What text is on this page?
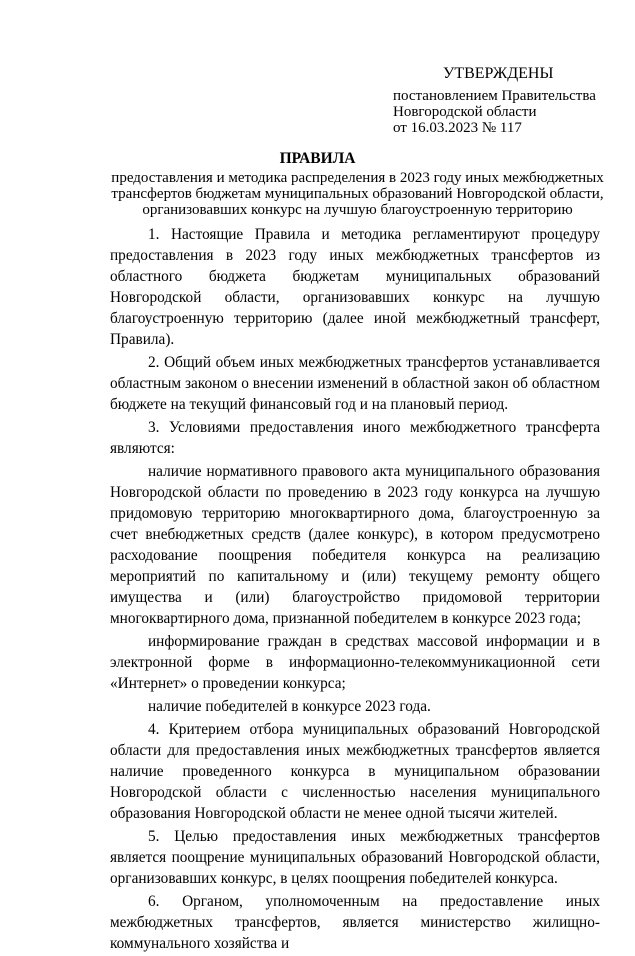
УТВЕРЖДЕНЫ
постановлением Правительства
Новгородской области
от 16.03.2023 № 117
ПРАВИЛА
предоставления и методика распределения в 2023 году иных межбюджетных
трансфертов бюджетам муниципальных образований Новгородской области,
организовавших конкурс на лучшую благоустроенную территорию

1. Настоящие Правила и методика регламентируют процедуру предоставления в 2023 году иных межбюджетных трансфертов из областного бюджета бюджетам муниципальных образований Новгородской области, организовавших конкурс на лучшую благоустроенную территорию (далее иной межбюджетный трансферт, Правила).

2. Общий объем иных межбюджетных трансфертов устанавливается областным законом о внесении изменений в областной закон об областном бюджете на текущий финансовый год и на плановый период.

3. Условиями предоставления иного межбюджетного трансферта являются:

наличие нормативного правового акта муниципального образования Новгородской области по проведению в 2023 году конкурса на лучшую придомовую территорию многоквартирного дома, благоустроенную за счет внебюджетных средств (далее конкурс), в котором предусмотрено расходование поощрения победителя конкурса на реализацию мероприятий по капитальному и (или) текущему ремонту общего имущества и (или) благоустройство придомовой территории многоквартирного дома, признанной победителем в конкурсе 2023 года;

информирование граждан в средствах массовой информации и в электронной форме в информационно-телекоммуникационной сети «Интернет» о проведении конкурса;

наличие победителей в конкурсе 2023 года.

4. Критерием отбора муниципальных образований Новгородской области для предоставления иных межбюджетных трансфертов является наличие проведенного конкурса в муниципальном образовании Новгородской области с численностью населения муниципального образования Новгородской области не менее одной тысячи жителей.

5. Целью предоставления иных межбюджетных трансфертов является поощрение муниципальных образований Новгородской области, организовавших конкурс, в целях поощрения победителей конкурса.

6. Органом, уполномоченным на предоставление иных межбюджетных трансфертов, является министерство жилищно-коммунального хозяйства и
